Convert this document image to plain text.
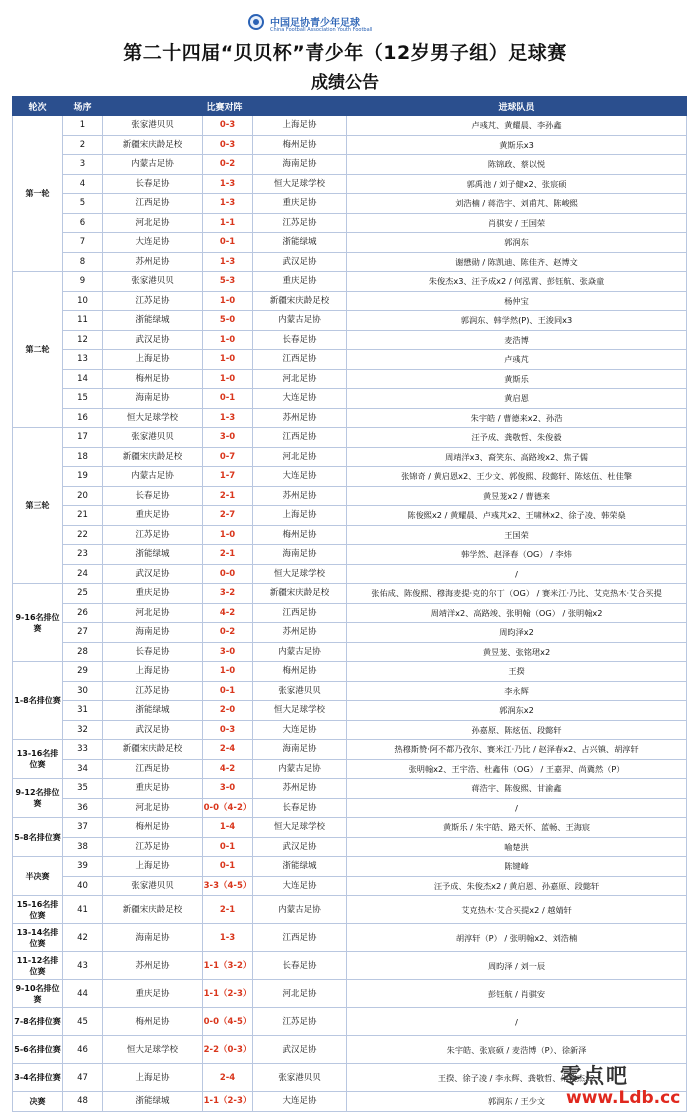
中国足协青少年足球
China Football Association Youth Football
第二十四届“贝贝杯”青少年（12岁男子组）足球赛
成绩公告
轮次	场序	比赛对阵			进球队员
第一轮	1	张家港贝贝	0-3	上海足协	卢彧芃、黄耀晨、李孙鑫
	2	新疆宋庆龄足校	0-3	梅州足协	黄斯乐x3
	3	内蒙古足协	0-2	海南足协	陈锦政、蔡以悦
	4	长春足协	1-3	恒大足球学校	郭禹池 / 刘子健x2、张宸硕
	5	江西足协	1-3	重庆足协	刘浩楠 / 蒋浩宇、刘甫芃、陈峻熙
	6	河北足协	1-1	江苏足协	肖骐安 / 王国荣
	7	大连足协	0-1	浙能绿城	郭润东
	8	苏州足协	1-3	武汉足协	谢懋勋 / 陈凯迪、陈佳齐、赵博文
第二轮	9	张家港贝贝	5-3	重庆足协	朱俊杰x3、汪予成x2 / 何泓霄、彭钰航、张焱童
	10	江苏足协	1-0	新疆宋庆龄足校	杨仲宝
	11	浙能绿城	5-0	内蒙古足协	郭润东、韩学然(P)、王浚同x3
	12	武汉足协	1-0	长春足协	麦浩博
	13	上海足协	1-0	江西足协	卢彧芃
	14	梅州足协	1-0	河北足协	黄斯乐
	15	海南足协	0-1	大连足协	黄启恩
	16	恒大足球学校	1-3	苏州足协	朱宇皓 / 曹德来x2、孙浩
第三轮	17	张家港贝贝	3-0	江西足协	汪予成、龚敬哲、朱俊毅
	18	新疆宋庆龄足校	0-7	河北足协	周靖洋x3、裔笑东、高路竣x2、焦子儒
	19	内蒙古足协	1-7	大连足协	张锦奇 / 黄启恩x2、王少文、郭俊熙、段懿轩、陈炫伍、杜佳擎
	20	长春足协	2-1	苏州足协	黄昱茏x2 / 曹德来
	21	重庆足协	2-7	上海足协	陈俊熙x2 / 黄耀晨、卢彧芃x2、王啸林x2、徐子凌、韩荣燊
	22	江苏足协	1-0	梅州足协	王国荣
	23	浙能绿城	2-1	海南足协	韩学然、赵泽春（OG） / 李炜
	24	武汉足协	0-0	恒大足球学校	/
9-16名排位赛	25	重庆足协	3-2	新疆宋庆龄足校	张佑成、陈俊熙、穆海麦提·克的尔丁（OG） / 赛米江·乃比、艾克热木·艾合买提
	26	河北足协	4-2	江西足协	周靖洋x2、高路竣、张明翰（OG） / 张明翰x2
	27	海南足协	0-2	苏州足协	周昀泽x2
	28	长春足协	3-0	内蒙古足协	黄昱茏、张铭珺x2
1-8名排位赛	29	上海足协	1-0	梅州足协	王揆
	30	江苏足协	0-1	张家港贝贝	李永辉
	31	浙能绿城	2-0	恒大足球学校	郭润东x2
	32	武汉足协	0-3	大连足协	孙嘉原、陈炫伍、段懿轩
13-16名排位赛	33	新疆宋庆龄足校	2-4	海南足协	热穆斯赞·阿不都乃孜尔、赛米江·乃比 / 赵泽春x2、占兴镇、胡淳轩
	34	江西足协	4-2	内蒙古足协	张明翰x2、王宇浩、杜鑫伟（OG） / 王嘉羿、尚冀然（P）
9-12名排位赛	35	重庆足协	3-0	苏州足协	蒋浩宇、陈俊熙、甘渝鑫
	36	河北足协	0-0（4-2）	长春足协	/
5-8名排位赛	37	梅州足协	1-4	恒大足球学校	黄斯乐 / 朱宇皓、路天怀、蓝畅、王海宸
	38	江苏足协	0-1	武汉足协	喻楚洪
半决赛	39	上海足协	0-1	浙能绿城	陈键峰
	40	张家港贝贝	3-3（4-5）	大连足协	汪予成、朱俊杰x2 / 黄启恩、孙嘉原、段懿轩
15-16名排位赛	41	新疆宋庆龄足校	2-1	内蒙古足协	艾克热木·艾合买提x2 / 越婧轩
13-14名排位赛	42	海南足协	1-3	江西足协	胡淳轩（P） / 张明翰x2、刘浩楠
11-12名排位赛	43	苏州足协	1-1（3-2）	长春足协	周昀泽 / 刘一辰
9-10名排位赛	44	重庆足协	1-1（2-3）	河北足协	彭钰航 / 肖骐安
7-8名排位赛	45	梅州足协	0-0（4-5）	江苏足协	/
5-6名排位赛	46	恒大足球学校	2-2（0-3）	武汉足协	朱宇皓、张宸硕 / 麦浩博（P）、徐新泽
3-4名排位赛	47	上海足协	2-4	张家港贝贝	王揆、徐子凌 / 李永辉、龚敬哲、朱俊杰x2
决赛	48	浙能绿城	1-1（2-3）	大连足协	郭润东 / 王少文
零点吧
www.Ldb.cc
